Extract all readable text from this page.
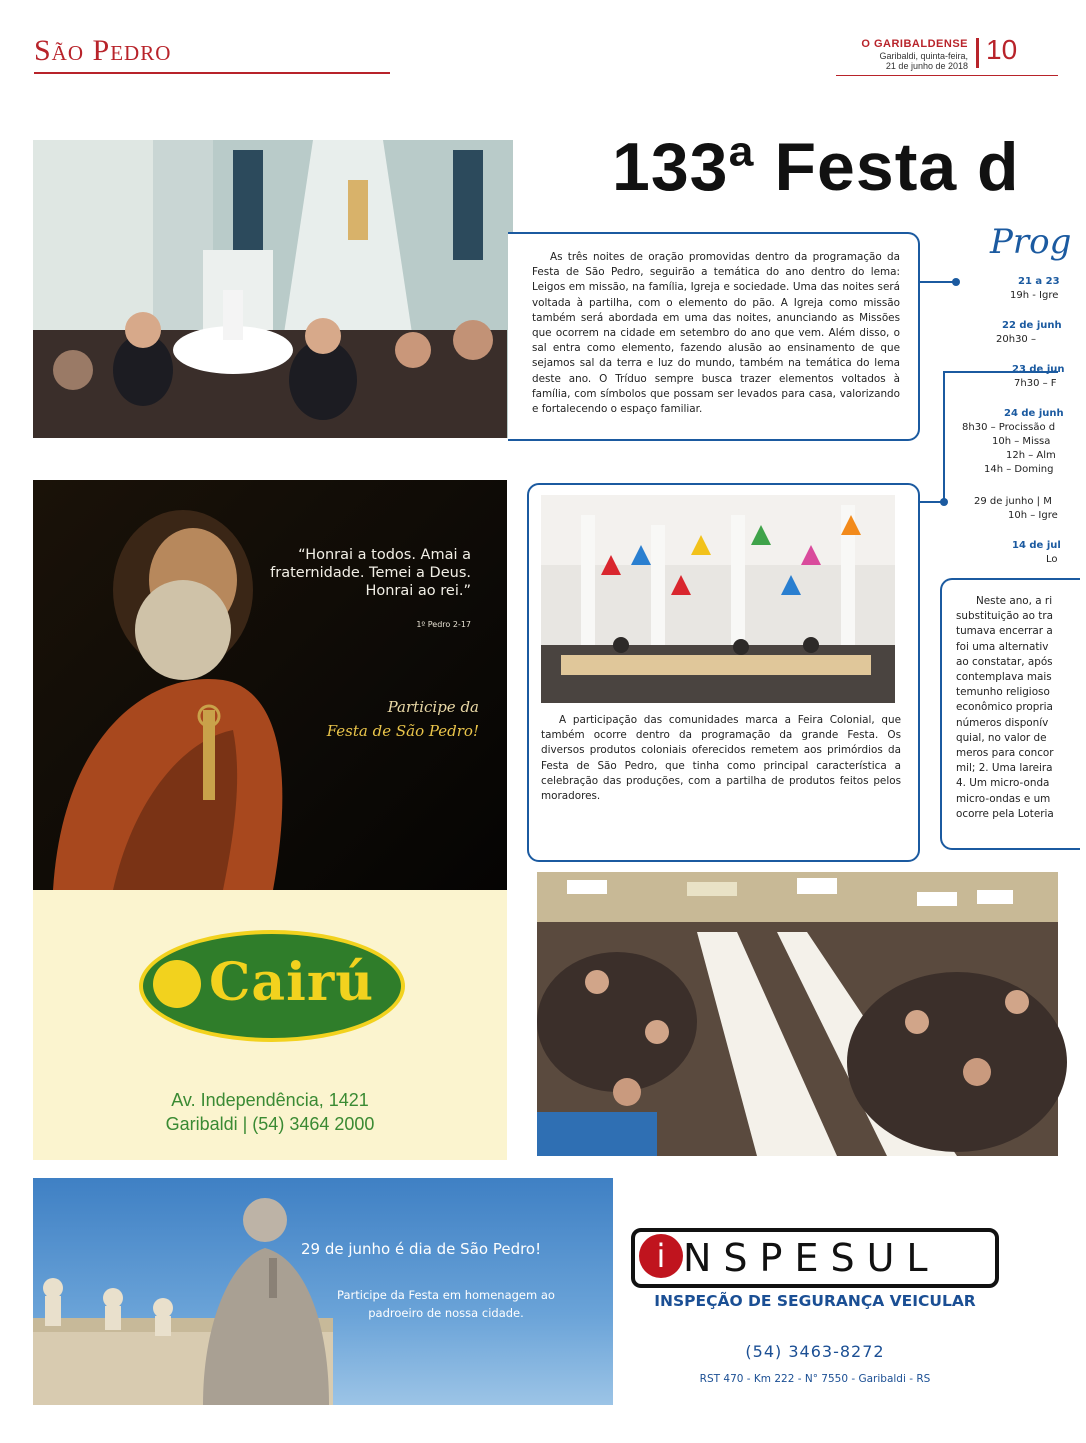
São Pedro	O GARIBALDENSE
Garibaldi, quinta-feira,
21 de junho de 2018
10
133ª Festa d

As três noites de oração promovidas dentro da programação da Festa de São Pedro, seguirão a temática do ano dentro do lema: Leigos em missão, na família, Igreja e sociedade. Uma das noites será voltada à partilha, com o elemento do pão. A Igreja como missão também será abordada em uma das noites, anunciando as Missões que ocorrem na cidade em setembro do ano que vem. Além disso, o sal entra como elemento, fazendo alusão ao ensinamento de que sejamos sal da terra e luz do mundo, também na temática do lema deste ano. O Tríduo sempre busca trazer elementos voltados à família, com símbolos que possam ser levados para casa, valorizando e fortalecendo o espaço familiar.

Prog
21 a 23
19h - Igre
22 de junh
20h30 –
23 de jun
7h30 – F
24 de junh
8h30 – Procissão d
10h – Missa
12h – Alm
14h – Doming
29 de junho | M
10h – Igre
14 de jul
Lo
Neste ano, a ri
substituição ao tra
tumava encerrar a
foi uma alternativ
ao constatar, após
contemplava mais
temunho religioso
econômico propria
números disponív
quial, no valor de
meros para concor
mil; 2. Uma lareira
4. Um micro-onda
micro-ondas e um
ocorre pela Loteria

A participação das comunidades marca a Feira Colonial, que também ocorre dentro da programação da grande Festa. Os diversos produtos coloniais oferecidos remetem aos primórdios da Festa de São Pedro, que tinha como principal característica a celebração das produções, com a partilha de produtos feitos pelos moradores.

“Honrai a todos. Amai a fraternidade. Temei a Deus. Honrai ao rei.”
1º Pedro 2-17
Participe da
Festa de São Pedro!
Cairú
Av. Independência, 1421
Garibaldi | (54) 3464 2000
29 de junho é dia de São Pedro!
Participe da Festa em homenagem ao padroeiro de nossa cidade.
i NSPESUL
INSPEÇÃO DE SEGURANÇA VEICULAR
(54) 3463-8272
RST 470 - Km 222 - N° 7550 - Garibaldi - RS
